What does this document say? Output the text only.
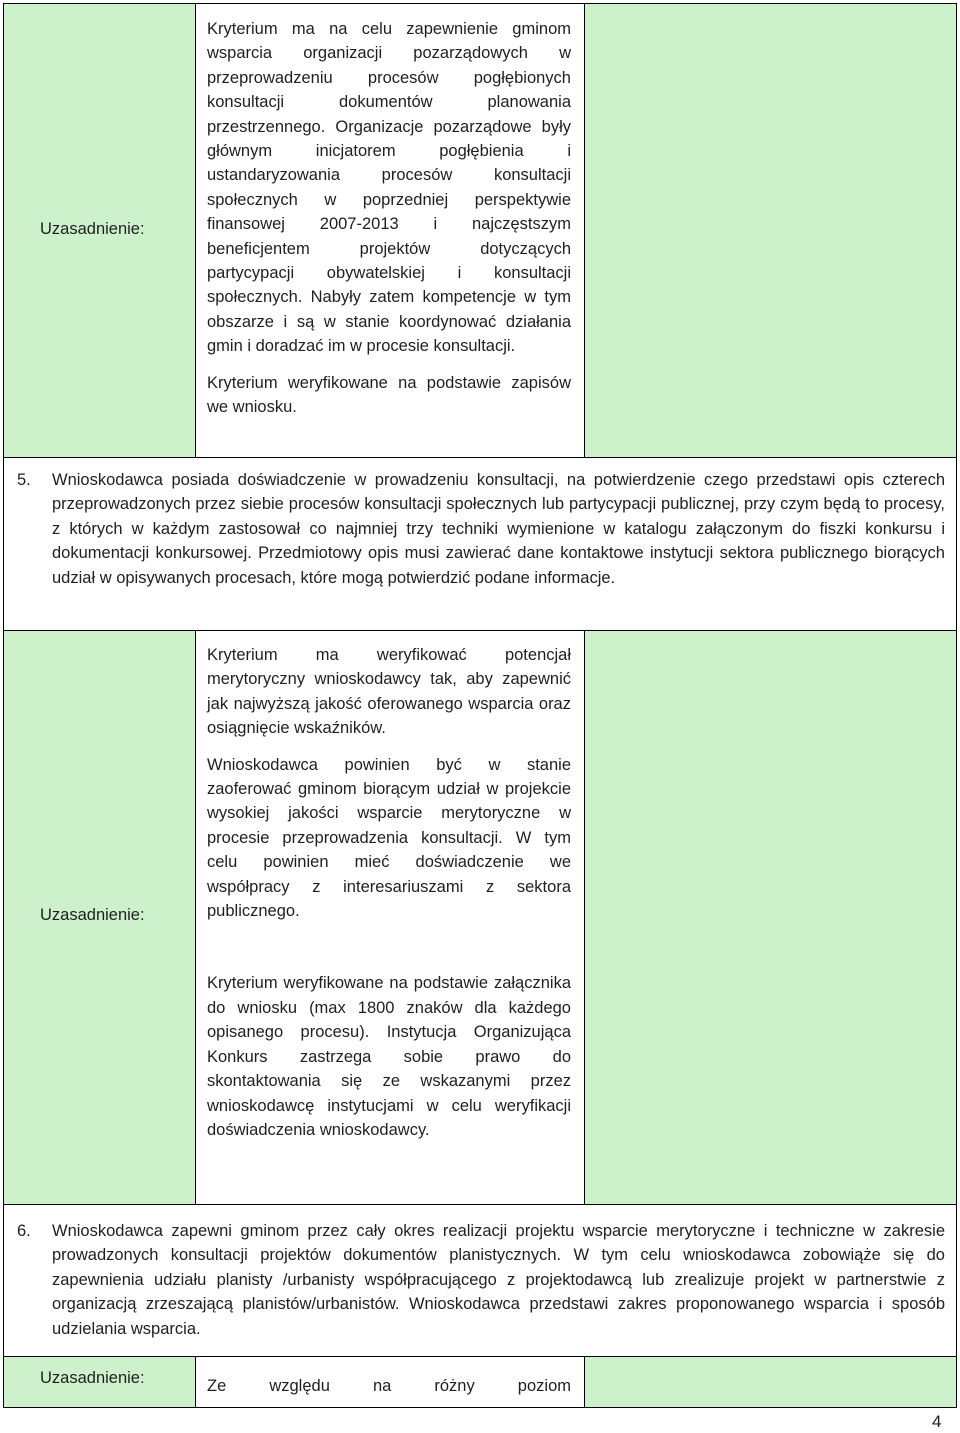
Uzasadnienie:

Kryterium ma na celu zapewnienie gminom wsparcia organizacji pozarządowych w przeprowadzeniu procesów pogłębionych konsultacji dokumentów planowania przestrzennego. Organizacje pozarządowe były głównym inicjatorem pogłębienia i ustandaryzowania procesów konsultacji społecznych w poprzedniej perspektywie finansowej 2007-2013 i najczęstszym beneficjentem projektów dotyczących partycypacji obywatelskiej i konsultacji społecznych. Nabyły zatem kompetencje w tym obszarze i są w stanie koordynować działania gmin i doradzać im w procesie konsultacji.

Kryterium weryfikowane na podstawie zapisów we wniosku.

5. Wnioskodawca posiada doświadczenie w prowadzeniu konsultacji, na potwierdzenie czego przedstawi opis czterech przeprowadzonych przez siebie procesów konsultacji społecznych lub partycypacji publicznej, przy czym będą to procesy, z których w każdym zastosował co najmniej trzy techniki wymienione w katalogu załączonym do fiszki konkursu i dokumentacji konkursowej. Przedmiotowy opis musi zawierać dane kontaktowe instytucji sektora publicznego biorących udział w opisywanych procesach, które mogą potwierdzić podane informacje.
Uzasadnienie:

Kryterium ma weryfikować potencjał merytoryczny wnioskodawcy tak, aby zapewnić jak najwyższą jakość oferowanego wsparcia oraz osiągnięcie wskaźników.

Wnioskodawca powinien być w stanie zaoferować gminom biorącym udział w projekcie wysokiej jakości wsparcie merytoryczne w procesie przeprowadzenia konsultacji. W tym celu powinien mieć doświadczenie we współpracy z interesariuszami z sektora publicznego.

Kryterium weryfikowane na podstawie załącznika do wniosku (max 1800 znaków dla każdego opisanego procesu). Instytucja Organizująca Konkurs zastrzega sobie prawo do skontaktowania się ze wskazanymi przez wnioskodawcę instytucjami w celu weryfikacji doświadczenia wnioskodawcy.

6. Wnioskodawca zapewni gminom przez cały okres realizacji projektu wsparcie merytoryczne i techniczne w zakresie prowadzonych konsultacji projektów dokumentów planistycznych. W tym celu wnioskodawca zobowiąże się do zapewnienia udziału planisty /urbanisty współpracującego z projektodawcą lub zrealizuje projekt w partnerstwie z organizacją zrzeszającą planistów/urbanistów. Wnioskodawca przedstawi zakres proponowanego wsparcia i sposób udzielania wsparcia.
Uzasadnienie:	Ze względu na różny poziom
4
